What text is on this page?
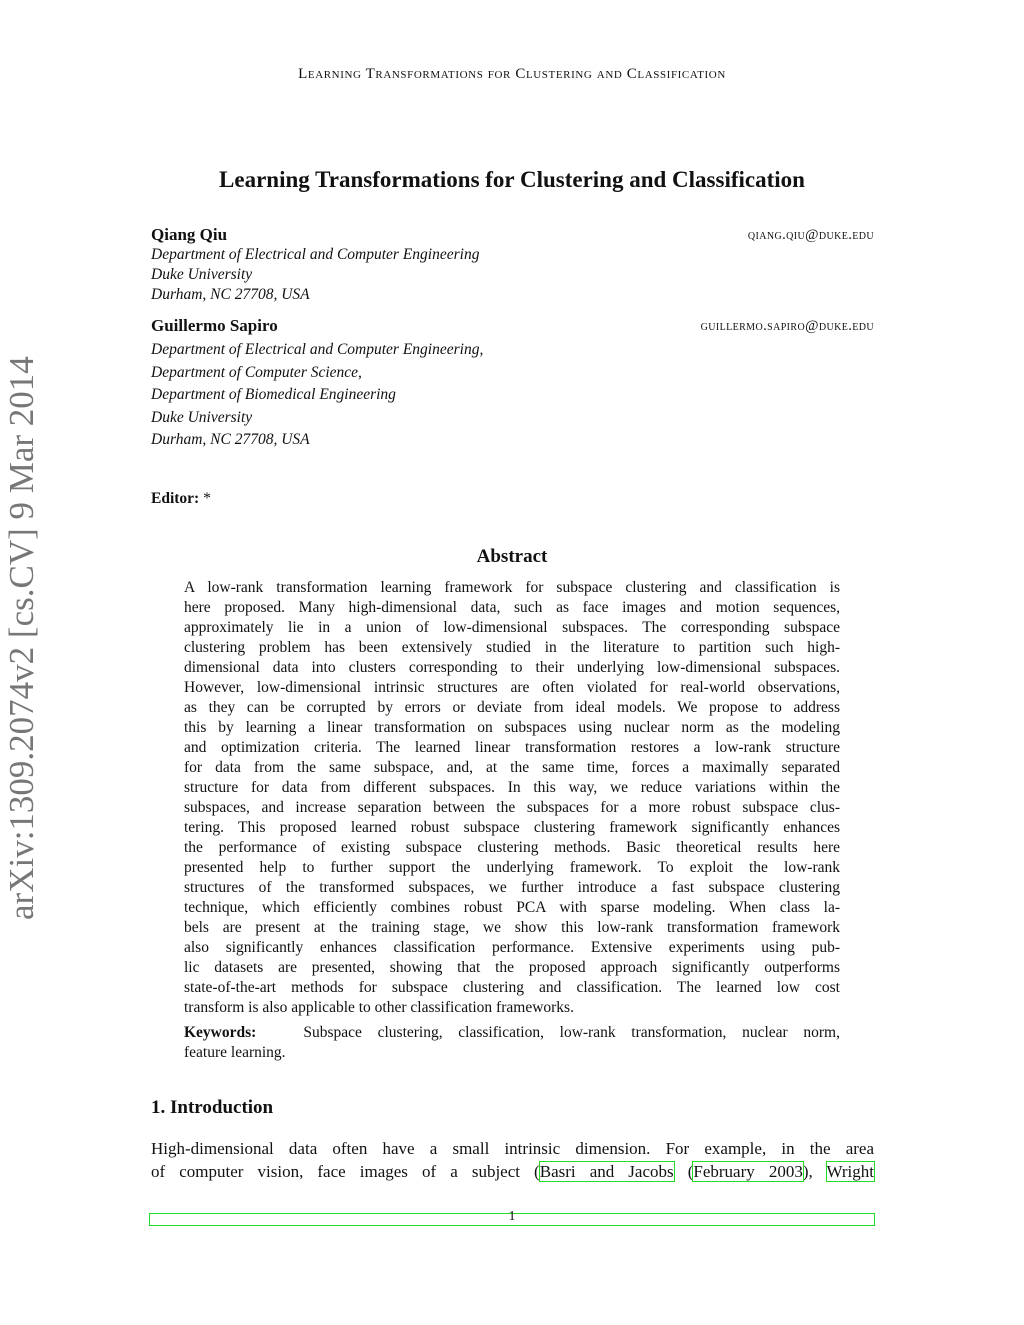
Learning Transformations for Clustering and Classification
Learning Transformations for Clustering and Classification
Qiang Qiu	qiang.qiu@duke.edu
Department of Electrical and Computer Engineering
Duke University
Durham, NC 27708, USA
Guillermo Sapiro	guillermo.sapiro@duke.edu
Department of Electrical and Computer Engineering,
Department of Computer Science,
Department of Biomedical Engineering
Duke University
Durham, NC 27708, USA
Editor: *
Abstract
A low-rank transformation learning framework for subspace clustering and classification is
here proposed. Many high-dimensional data, such as face images and motion sequences,
approximately lie in a union of low-dimensional subspaces. The corresponding subspace
clustering problem has been extensively studied in the literature to partition such high-
dimensional data into clusters corresponding to their underlying low-dimensional subspaces.
However, low-dimensional intrinsic structures are often violated for real-world observations,
as they can be corrupted by errors or deviate from ideal models. We propose to address
this by learning a linear transformation on subspaces using nuclear norm as the modeling
and optimization criteria. The learned linear transformation restores a low-rank structure
for data from the same subspace, and, at the same time, forces a maximally separated
structure for data from different subspaces. In this way, we reduce variations within the
subspaces, and increase separation between the subspaces for a more robust subspace clus-
tering. This proposed learned robust subspace clustering framework significantly enhances
the performance of existing subspace clustering methods. Basic theoretical results here
presented help to further support the underlying framework. To exploit the low-rank
structures of the transformed subspaces, we further introduce a fast subspace clustering
technique, which efficiently combines robust PCA with sparse modeling. When class la-
bels are present at the training stage, we show this low-rank transformation framework
also significantly enhances classification performance. Extensive experiments using pub-
lic datasets are presented, showing that the proposed approach significantly outperforms
state-of-the-art methods for subspace clustering and classification. The learned low cost
transform is also applicable to other classification frameworks.
Keywords:	Subspace clustering, classification, low-rank transformation, nuclear norm,
feature learning.
1. Introduction
High-dimensional data often have a small intrinsic dimension. For example, in the area
of computer vision, face images of a subject (Basri and Jacobs (February 2003), Wright
1
arXiv:1309.2074v2 [cs.CV] 9 Mar 2014
